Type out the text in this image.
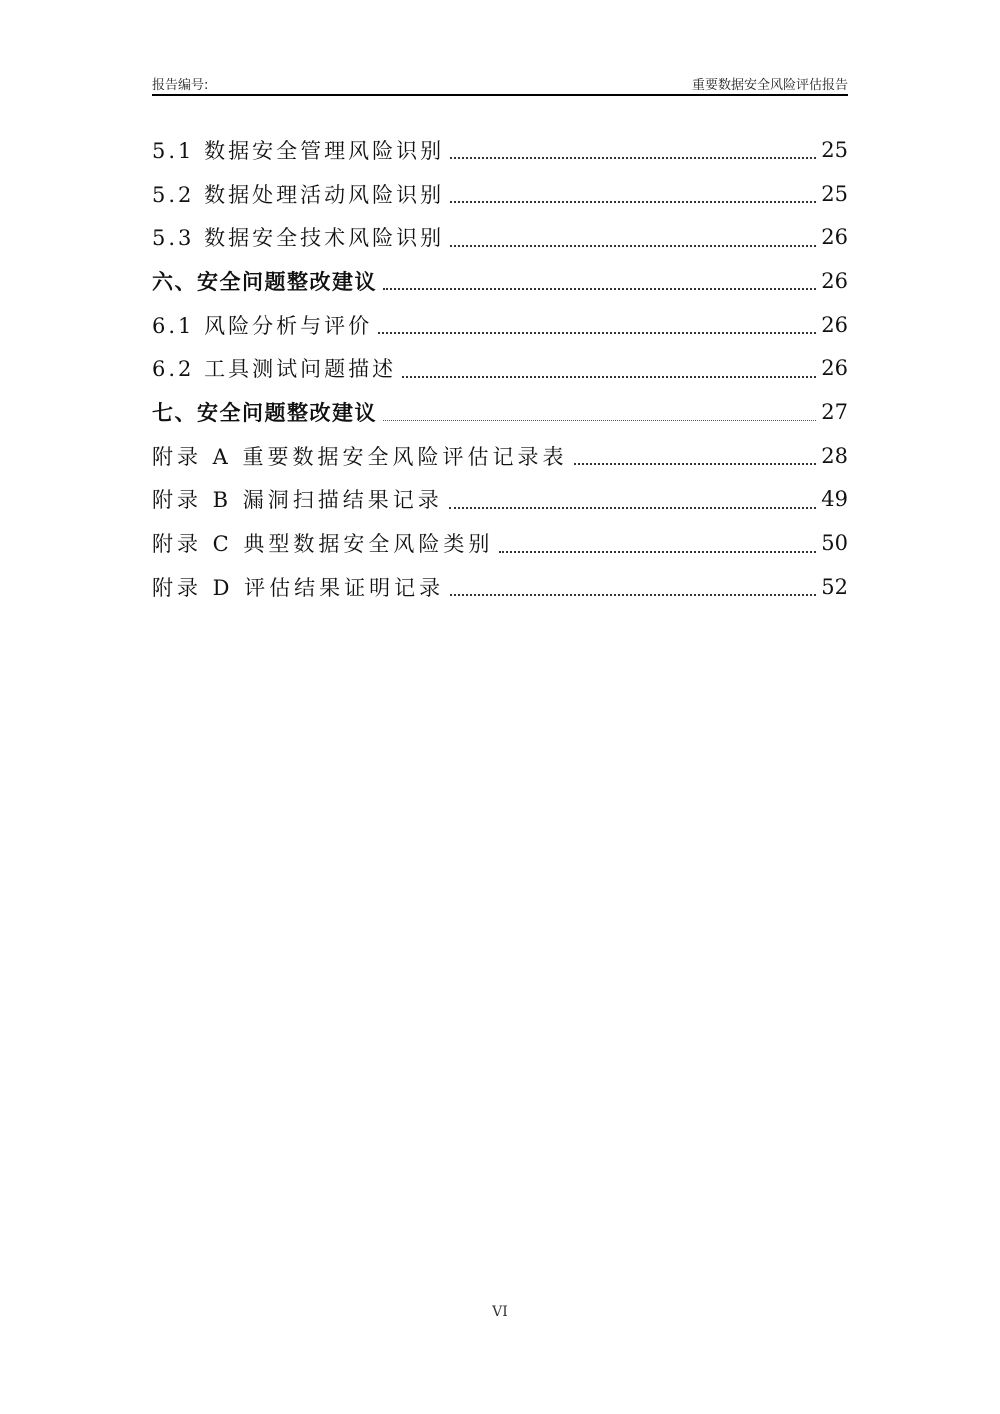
报告编号:	重要数据安全风险评估报告
5.1 数据安全管理风险识别	25
5.2 数据处理活动风险识别	25
5.3 数据安全技术风险识别	26
六、安全问题整改建议	26
6.1 风险分析与评价	26
6.2 工具测试问题描述	26
七、安全问题整改建议	27
附录 A 重要数据安全风险评估记录表	28
附录 B 漏洞扫描结果记录	49
附录 C 典型数据安全风险类别	50
附录 D 评估结果证明记录	52
VI
